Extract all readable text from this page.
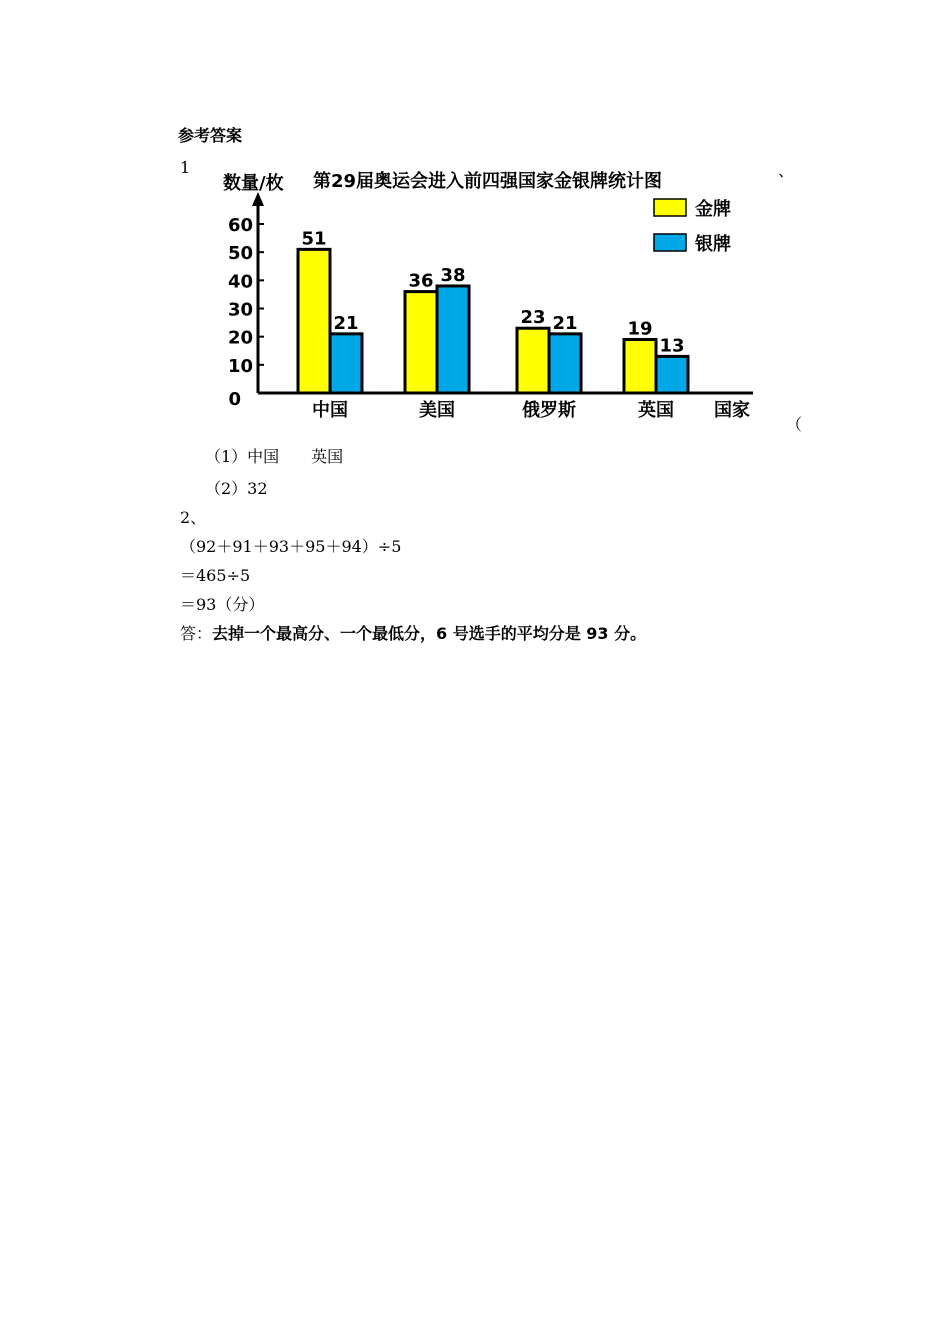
参考答案
1	、
（
0
10
20
30
40
50
60
51
21
36 38
23 21	19
13
中国	美国	俄罗斯	英国
金牌
银牌
第29届奥运会进入前四强国家金银牌统计图
数量/枚
国家
（1）中国　　英国
（2）32
2、
（92＋91＋93＋95＋94）÷5
＝465÷5
＝93（分）
答：去掉一个最高分、一个最低分，6 号选手的平均分是 93 分。
